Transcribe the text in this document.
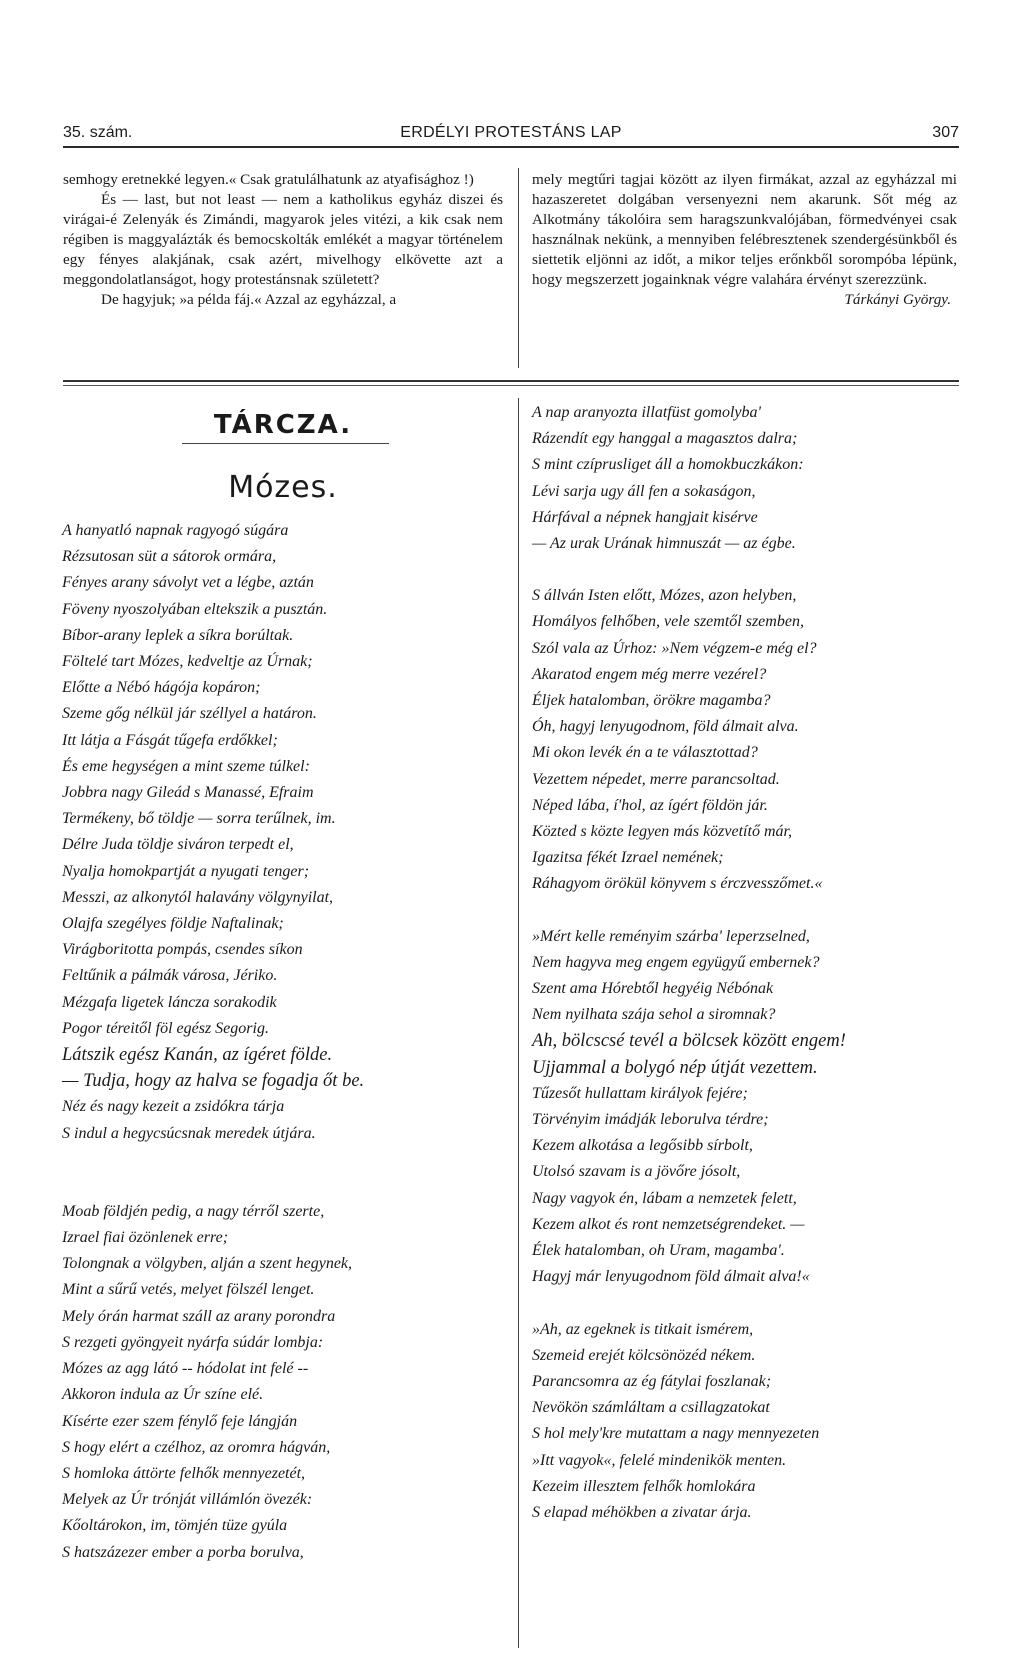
35. szám.	ERDÉLYI PROTESTÁNS LAP	307

semhogy eretnekké legyen.« Csak gratulálhatunk az atyafisághoz !)

És — last, but not least — nem a katholikus egyház diszei és virágai-é Zelenyák és Zimándi, magyarok jeles vitézi, a kik csak nem régiben is maggyalázták és bemocskolták emlékét a magyar történelem egy fényes alakjának, csak azért, mivelhogy elkövette azt a meggondolatlanságot, hogy protestánsnak született?

De hagyjuk; »a példa fáj.« Azzal az egyházzal, a

mely megtűri tagjai között az ilyen firmákat, azzal az egyházzal mi hazaszeretet dolgában versenyezni nem akarunk. Sőt még az Alkotmány tákolóira sem haragszunkvalójában, förmedvényei csak használnak nekünk, a mennyiben felébresztenek szendergésünkből és siettetik eljönni az időt, a mikor teljes erőnkből sorompóba lépünk, hogy megszerzett jogainknak végre valahára érvényt szerezzünk.

Tárkányi György.

TÁRCZA.
Mózes.
A hanyatló napnak ragyogó súgára
Rézsutosan süt a sátorok ormára,
Fényes arany sávolyt vet a légbe, aztán
Föveny nyoszolyában eltekszik a pusztán.
Bíbor-arany leplek a síkra borúltak.
Föltelé tart Mózes, kedveltje az Úrnak;
Előtte a Nébó hágója kopáron;
Szeme gőg nélkül jár széllyel a határon.
Itt látja a Fásgát tűgefa erdőkkel;
És eme hegységen a mint szeme túlkel:
Jobbra nagy Gileád s Manassé, Efraim
Termékeny, bő töldje — sorra terűlnek, im.
Délre Juda töldje siváron terpedt el,
Nyalja homokpartját a nyugati tenger;
Messzi, az alkonytól halavány völgynyilat,
Olajfa szegélyes földje Naftalinak;
Virágboritotta pompás, csendes síkon
Feltűnik a pálmák városa, Jériko.
Mézgafa ligetek láncza sorakodik
Pogor téreitől föl egész Segorig.
Látszik egész Kanán, az ígéret földe.
— Tudja, hogy az halva se fogadja őt be.
Néz és nagy kezeit a zsidókra tárja
S indul a hegycsúcsnak meredek útjára.
Moab földjén pedig, a nagy térről szerte,
Izrael fiai özönlenek erre;
Tolongnak a völgyben, alján a szent hegynek,
Mint a sűrű vetés, melyet fölszél lenget.
Mely órán harmat száll az arany porondra
S rezgeti gyöngyeit nyárfa súdár lombja:
Mózes az agg látó -- hódolat int felé --
Akkoron indula az Úr színe elé.
Kísérte ezer szem fénylő feje lángján
S hogy elért a czélhoz, az oromra hágván,
S homloka áttörte felhők mennyezetét,
Melyek az Úr trónját villámlón övezék:
Kőoltárokon, im, tömjén tüze gyúla
S hatszázezer ember a porba borulva,
A nap aranyozta illatfüst gomolyba'
Rázendít egy hanggal a magasztos dalra;
S mint czíprusliget áll a homokbuczkákon:
Lévi sarja ugy áll fen a sokaságon,
Hárfával a népnek hangjait kisérve
— Az urak Urának himnuszát — az égbe.
S állván Isten előtt, Mózes, azon helyben,
Homályos felhőben, vele szemtől szemben,
Szól vala az Úrhoz: »Nem végzem-e még el?
Akaratod engem még merre vezérel?
Éljek hatalomban, örökre magamba?
Óh, hagyj lenyugodnom, föld álmait alva.
Mi okon levék én a te választottad?
Vezettem népedet, merre parancsoltad.
Néped lába, í'hol, az ígért földön jár.
Közted s közte legyen más közvetítő már,
Igazitsa fékét Izrael nemének;
Ráhagyom örökül könyvem s érczvesszőmet.«
»Mért kelle reményim szárba' leperzselned,
Nem hagyva meg engem együgyű embernek?
Szent ama Hórebtől hegyéig Nébónak
Nem nyilhata szája sehol a siromnak?
Ah, bölcscsé tevél a bölcsek között engem!
Ujjammal a bolygó nép útját vezettem.
Tűzesőt hullattam királyok fejére;
Törvényim imádják leborulva térdre;
Kezem alkotása a legősibb sírbolt,
Utolsó szavam is a jövőre jósolt,
Nagy vagyok én, lábam a nemzetek felett,
Kezem alkot és ront nemzetségrendeket. —
Élek hatalomban, oh Uram, magamba'.
Hagyj már lenyugodnom föld álmait alva!«
»Ah, az egeknek is titkait ismérem,
Szemeid erejét kölcsönözéd nékem.
Parancsomra az ég fátylai foszlanak;
Nevökön számláltam a csillagzatokat
S hol mely'kre mutattam a nagy mennyezeten
»Itt vagyok«, felelé mindenikök menten.
Kezeim illesztem felhők homlokára
S elapad méhökben a zivatar árja.
